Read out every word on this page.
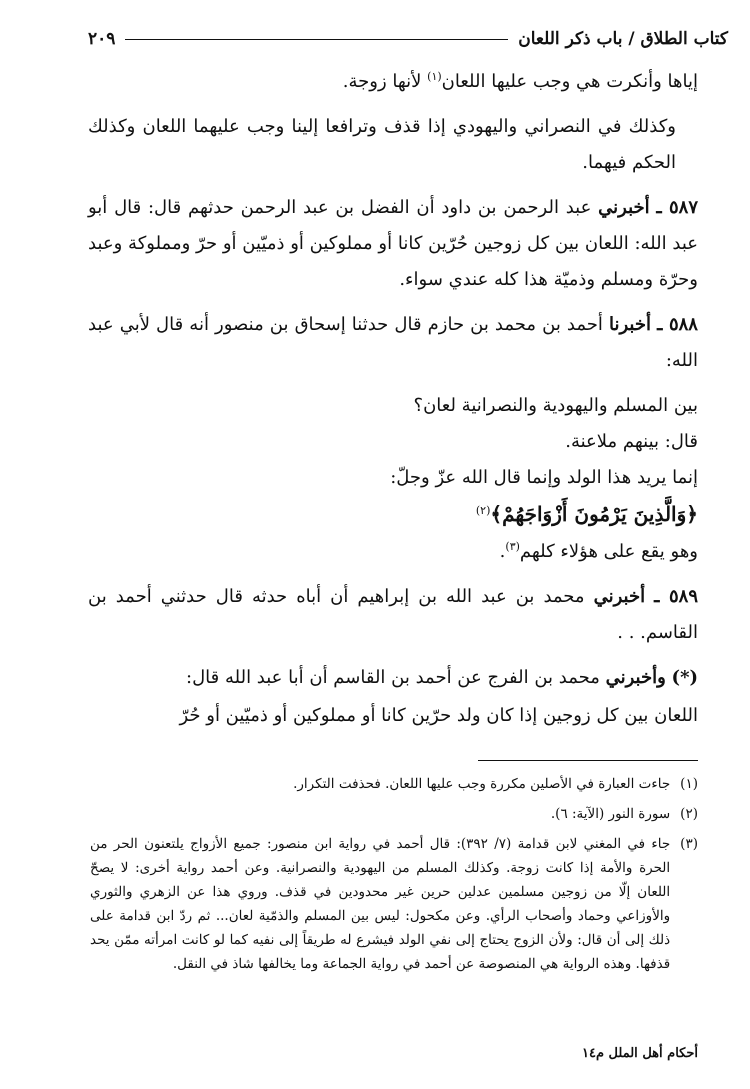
كتاب الطلاق / باب ذكر اللعان
٢٠٩

إياها وأنكرت هي وجب عليها اللعان$^{(١)}$ لأنها زوجة.

وكذلك في النصراني واليهودي إذا قذف وترافعا إلينا وجب عليهما اللعان وكذلك الحكم فيهما.

٥٨٧ ـ أخبرني عبد الرحمن بن داود أن الفضل بن عبد الرحمن حدثهم قال: قال أبو عبد الله: اللعان بين كل زوجين حُرّين كانا أو مملوكين أو ذميّين أو حرّ ومملوكة وعبد وحرّة ومسلم وذميّة هذا كله عندي سواء.

٥٨٨ ـ أخبرنا أحمد بن محمد بن حازم قال حدثنا إسحاق بن منصور أنه قال لأبي عبد الله:

بين المسلم واليهودية والنصرانية لعان؟

قال: بينهم ملاعنة.

إنما يريد هذا الولد وإنما قال الله عزّ وجلّ:

﴿وَالَّذِينَ يَرْمُونَ أَزْوَاجَهُمْ﴾$^{(٢)}$

وهو يقع على هؤلاء كلهم$^{(٣)}$.

٥٨٩ ـ أخبرني محمد بن عبد الله بن إبراهيم أن أباه حدثه قال حدثني أحمد بن القاسم. . .

(*) وأخبرني محمد بن الفرج عن أحمد بن القاسم أن أبا عبد الله قال:

اللعان بين كل زوجين إذا كان ولد حرّين كانا أو مملوكين أو ذميّين أو حُرّ

(١)
جاءت العبارة في الأصلين مكررة وجب عليها اللعان. فحذفت التكرار.
(٢)
سورة النور (الآية: ٦).
(٣)
جاء في المغني لابن قدامة (٧/ ٣٩٢): قال أحمد في رواية ابن منصور: جميع الأزواج يلتعنون الحر من الحرة والأمة إذا كانت زوجة. وكذلك المسلم من اليهودية والنصرانية. وعن أحمد رواية أخرى: لا يصحّ اللعان إلّا من زوجين مسلمين عدلين حرين غير محدودين في قذف. وروي هذا عن الزهري والثوري والأوزاعي وحماد وأصحاب الرأي. وعن مكحول: ليس بين المسلم والذمّية لعان... ثم ردّ ابن قدامة على ذلك إلى أن قال: ولأن الزوج يحتاج إلى نفي الولد فيشرع له طريقاً إلى نفيه كما لو كانت امرأته ممّن يحد قذفها. وهذه الرواية هي المنصوصة عن أحمد في رواية الجماعة وما يخالفها شاذ في النقل.
أحكام أهل الملل م١٤
